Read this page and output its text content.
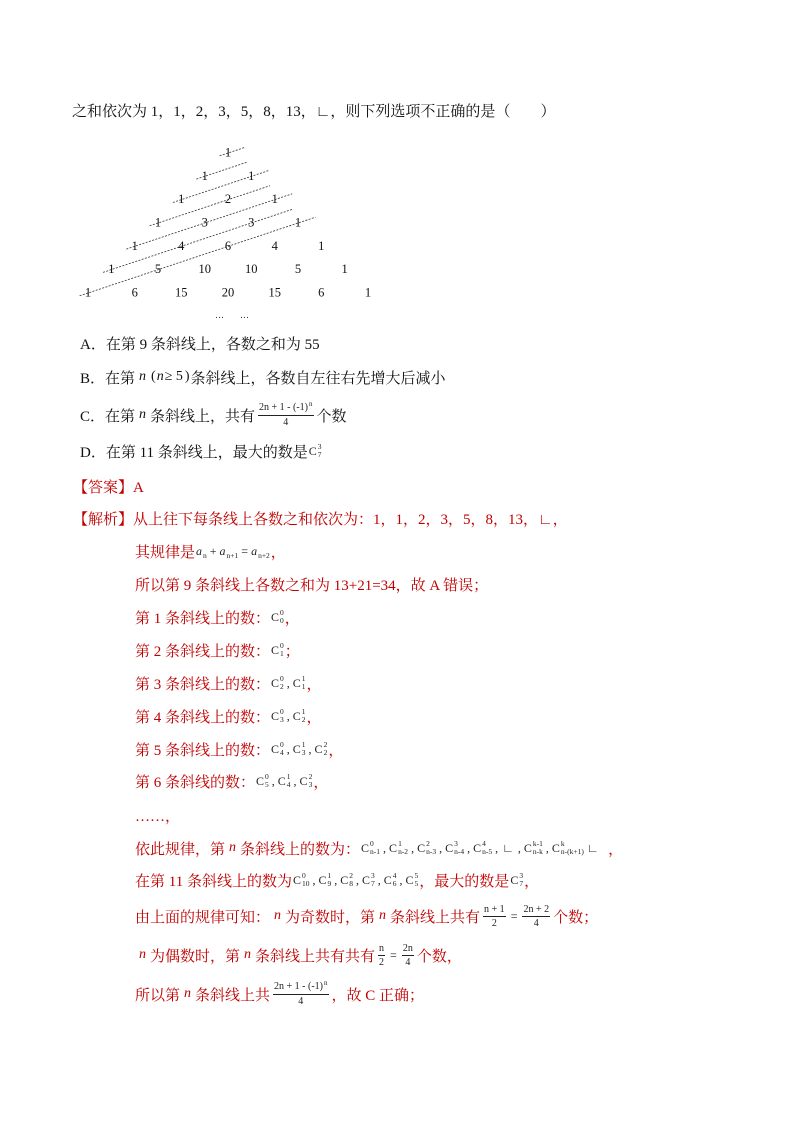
之和依次为 1，1，2，3，5，8，13，∟，则下列选项不正确的是（　　）
1
1	1
1	2	1
1	3	3	1
1	4	6	4	1
1	5	10	10	5	1
1	6	15	20	15	6	1
……
A．在第 9 条斜线上，各数之和为 55
B．在第 n ( n ≥ 5 ) 条斜线上，各数自左往右先增大后减小
C．在第 n 条斜线上，共有 $\frac{2n + 1 - (-1)^n}{4}$ 个数
D．在第 11 条斜线上，最大的数是 C 3
7
【答案】A
【解析】从上往下每条线上各数之和依次为：1，1，2，3，5，8，13，∟，
其规律是 a n + a n+1 = a n+2 ，
所以第 9 条斜线上各数之和为 13+21=34，故 A 错误；
第 1 条斜线上的数： C 0
0 ，
第 2 条斜线上的数： C 0
1 ；
第 3 条斜线上的数： C 0
2 , C 1
1 ，
第 4 条斜线上的数： C 0
3 , C 1
2 ，
第 5 条斜线上的数： C 0
4 , C 1
3 , C 2
2 ，
第 6 条斜线的数： C 0
5 , C 1
4 , C 2
3 ，
……，
依此规律，第 n 条斜线上的数为： C 0
n-1 , C 1
n-2 , C 2
n-3 , C 3
n-4 , C 4
n-5 , ∟ , C k-1
n-k , C k
n-(k+1) ∟ ，
在第 11 条斜线上的数为 C 0
10 , C 1
9 , C 2
8 , C 3
7 , C 4
6 , C 5
5 ，最大的数是 C 3
7 ，
由上面的规律可知： n 为奇数时，第 n 条斜线上共有 $\frac{n + 1}{2} = \frac{2n + 2}{4}$ 个数；
n 为偶数时，第 n 条斜线上共有共有 $\frac{n}{2} = \frac{2n}{4}$ 个数，
所以第 n 条斜线上共 $\frac{2n + 1 - (-1)^n}{4}$ ，故 C 正确；
